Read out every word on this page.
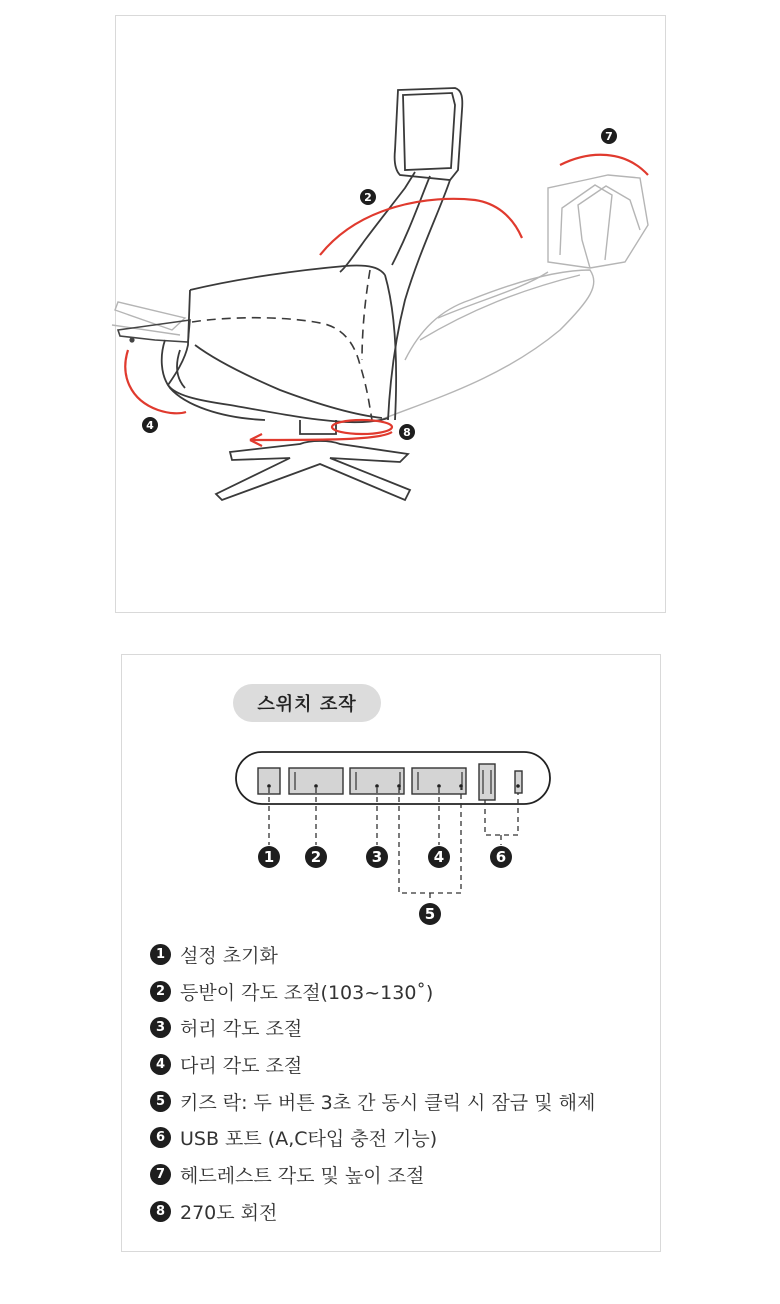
2
7
4
8
1 2	3	4	6
5
스위치 조작
1 설정 초기화
2 등받이 각도 조절(103~130˚)
3 허리 각도 조절
4 다리 각도 조절
5 키즈 락: 두 버튼 3초 간 동시 클릭 시 잠금 및 해제
6 USB 포트 (A,C타입 충전 기능)
7 헤드레스트 각도 및 높이 조절
8 270도 회전
